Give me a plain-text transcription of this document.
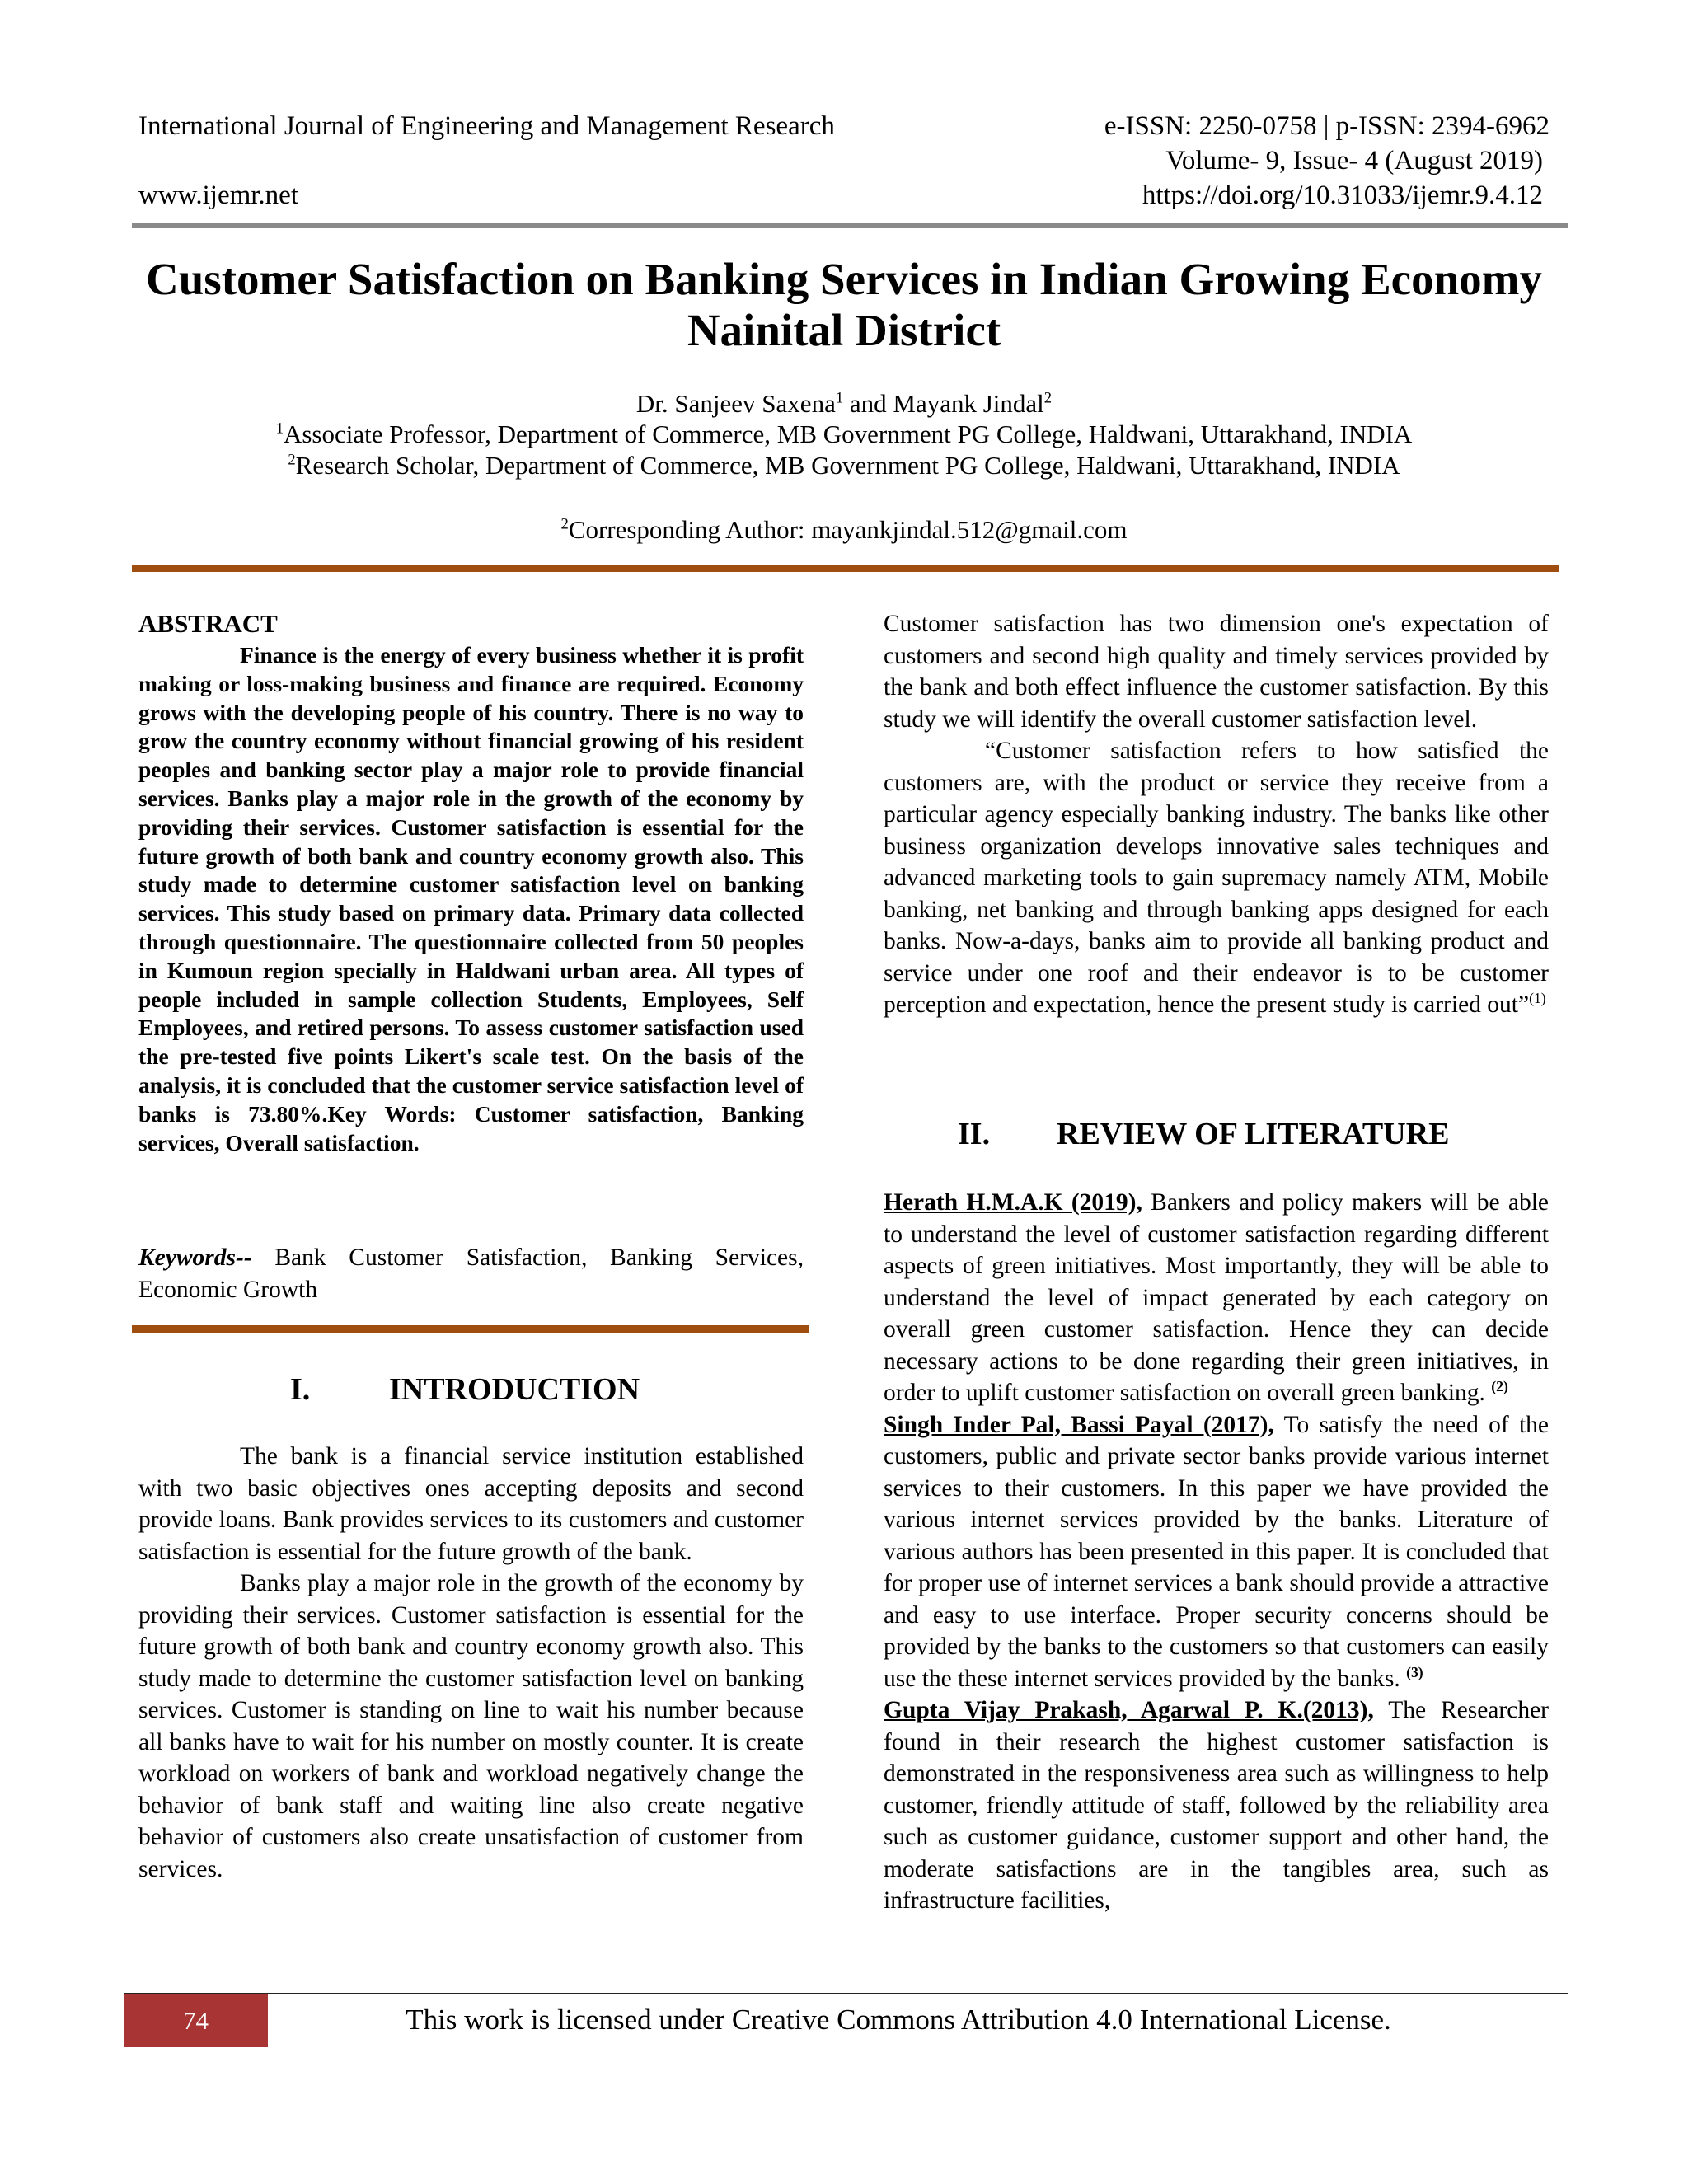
International Journal of Engineering and Management Research	e-ISSN: 2250-0758 | p-ISSN: 2394-6962
Volume- 9, Issue- 4 (August 2019)
www.ijemr.net	https://doi.org/10.31033/ijemr.9.4.12
Customer Satisfaction on Banking Services in Indian Growing Economy
Nainital District
Dr. Sanjeev Saxena$^1$ and Mayank Jindal$^2$
$^1$Associate Professor, Department of Commerce, MB Government PG College, Haldwani, Uttarakhand, INDIA
$^2$Research Scholar, Department of Commerce, MB Government PG College, Haldwani, Uttarakhand, INDIA
$^2$Corresponding Author: mayankjindal.512@gmail.com
ABSTRACT
Finance is the energy of every business whether it is profit making or loss-making business and finance are required. Economy grows with the developing people of his country. There is no way to grow the country economy without financial growing of his resident peoples and banking sector play a major role to provide financial services. Banks play a major role in the growth of the economy by providing their services. Customer satisfaction is essential for the future growth of both bank and country economy growth also. This study made to determine customer satisfaction level on banking services. This study based on primary data. Primary data collected through questionnaire. The questionnaire collected from 50 peoples in Kumoun region specially in Haldwani urban area. All types of people included in sample collection Students, Employees, Self Employees, and retired persons. To assess customer satisfaction used the pre-tested five points Likert's scale test. On the basis of the analysis, it is concluded that the customer service satisfaction level of banks is 73.80%.Key Words: Customer satisfaction, Banking services, Overall satisfaction.
Keywords-- Bank Customer Satisfaction, Banking Services, Economic Growth
I.	INTRODUCTION

The bank is a financial service institution established with two basic objectives ones accepting deposits and second provide loans. Bank provides services to its customers and customer satisfaction is essential for the future growth of the bank.

Banks play a major role in the growth of the economy by providing their services. Customer satisfaction is essential for the future growth of both bank and country economy growth also. This study made to determine the customer satisfaction level on banking services. Customer is standing on line to wait his number because all banks have to wait for his number on mostly counter. It is create workload on workers of bank and workload negatively change the behavior of bank staff and waiting line also create negative behavior of customers also create unsatisfaction of customer from services.

Customer satisfaction has two dimension one's expectation of customers and second high quality and timely services provided by the bank and both effect influence the customer satisfaction. By this study we will identify the overall customer satisfaction level.

“Customer satisfaction refers to how satisfied the customers are, with the product or service they receive from a particular agency especially banking industry. The banks like other business organization develops innovative sales techniques and advanced marketing tools to gain supremacy namely ATM, Mobile banking, net banking and through banking apps designed for each banks. Now-a-days, banks aim to provide all banking product and service under one roof and their endeavor is to be customer perception and expectation, hence the present study is carried out”$^{(1)}$

II. REVIEW OF LITERATURE

Herath H.M.A.K (2019), Bankers and policy makers will be able to understand the level of customer satisfaction regarding different aspects of green initiatives. Most importantly, they will be able to understand the level of impact generated by each category on overall green customer satisfaction. Hence they can decide necessary actions to be done regarding their green initiatives, in order to uplift customer satisfaction on overall green banking. $^{(2)}$

Singh Inder Pal, Bassi Payal (2017), To satisfy the need of the customers, public and private sector banks provide various internet services to their customers. In this paper we have provided the various internet services provided by the banks. Literature of various authors has been presented in this paper. It is concluded that for proper use of internet services a bank should provide a attractive and easy to use interface. Proper security concerns should be provided by the banks to the customers so that customers can easily use the these internet services provided by the banks. $^{(3)}$

Gupta Vijay Prakash, Agarwal P. K.(2013), The Researcher found in their research the highest customer satisfaction is demonstrated in the responsiveness area such as willingness to help customer, friendly attitude of staff, followed by the reliability area such as customer guidance, customer support and other hand, the moderate satisfactions are in the tangibles area, such as infrastructure facilities,

74	This work is licensed under Creative Commons Attribution 4.0 International License.
